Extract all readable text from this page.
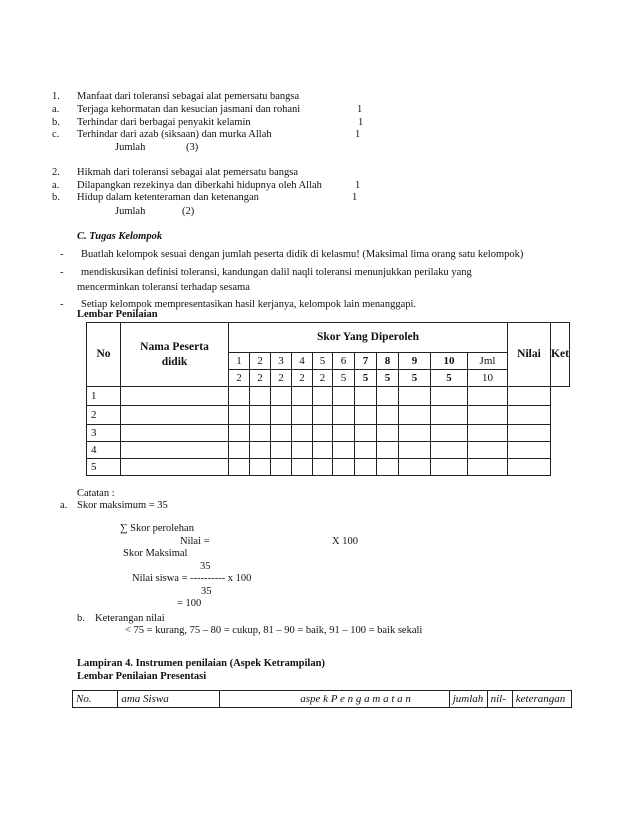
1. Manfaat dari toleransi sebagai alat pemersatu bangsa
a. Terjaga kehormatan dan kesucian jasmani dan rohani	1
b. Terhindar dari berbagai penyakit kelamin	1
c. Terhindar dari azab (siksaan) dan murka Allah	1
Jumlah	(3)
2. Hikmah dari toleransi sebagai alat pemersatu bangsa
a. Dilapangkan rezekinya dan diberkahi hidupnya oleh Allah	1
b. Hidup dalam ketenteraman dan ketenangan	1
Jumlah	(2)
C. Tugas Kelompok
- Buatlah kelompok sesuai dengan jumlah peserta didik di kelasmu! (Maksimal lima orang satu kelompok)
- mendiskusikan definisi toleransi, kandungan dalil naqli toleransi menunjukkan perilaku yang
mencerminkan toleransi terhadap sesama
- Setiap kelompok mempresentasikan hasil kerjanya, kelompok lain menanggapi.
Lembar Penilaian
No	Nama Peserta didik	Skor Yang Diperoleh											Nilai	Ket
		1	2	3	4	5	6	7	8	9	10	Jml		
		2	2	2	2	2	5	5	5	5	5	10		
1														
2														
3														
4														
5														
Catatan :
a. Skor maksimum = 35
∑ Skor perolehan
Nilai =	X 100
Skor Maksimal
35
Nilai siswa = ---------- x 100
35
= 100
b. Keterangan nilai
< 75 = kurang, 75 – 80 = cukup, 81 – 90 = baik, 91 – 100 = baik sekali
Lampiran 4. Instrumen penilaian (Aspek Ketrampilan)
Lembar Penilaian Presentasi
No.	ama Siswa	aspe k P e n g a m a t a n	jumlah	nil-	keterangan
